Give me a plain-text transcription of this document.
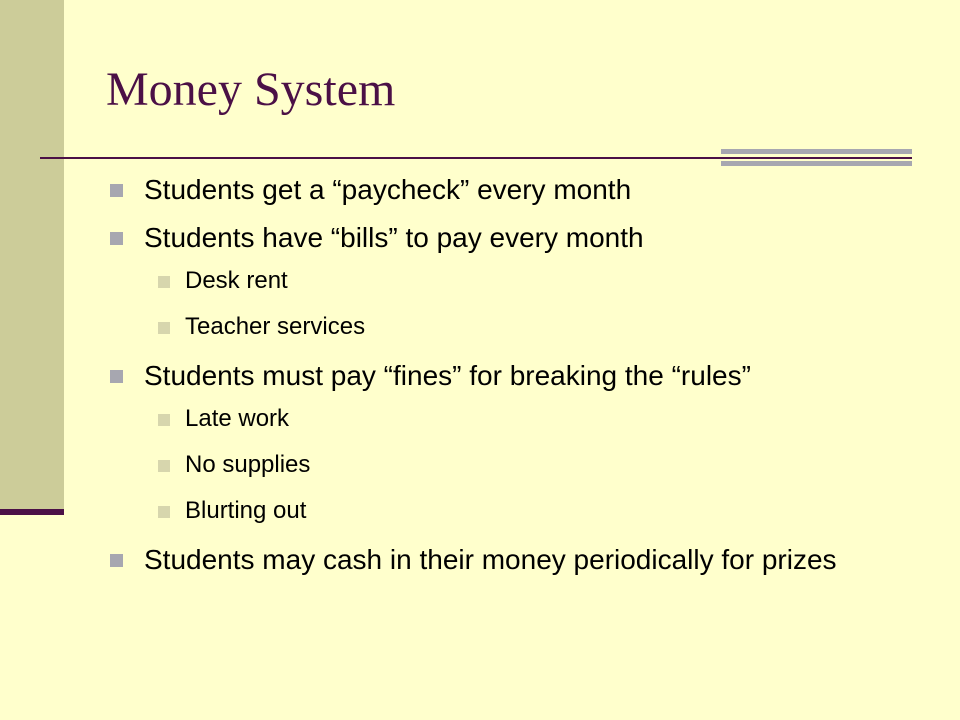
Money System
Students get a “paycheck” every month
Students have “bills” to pay every month
Desk rent
Teacher services
Students must pay “fines” for breaking the “rules”
Late work
No supplies
Blurting out
Students may cash in their money periodically for prizes
